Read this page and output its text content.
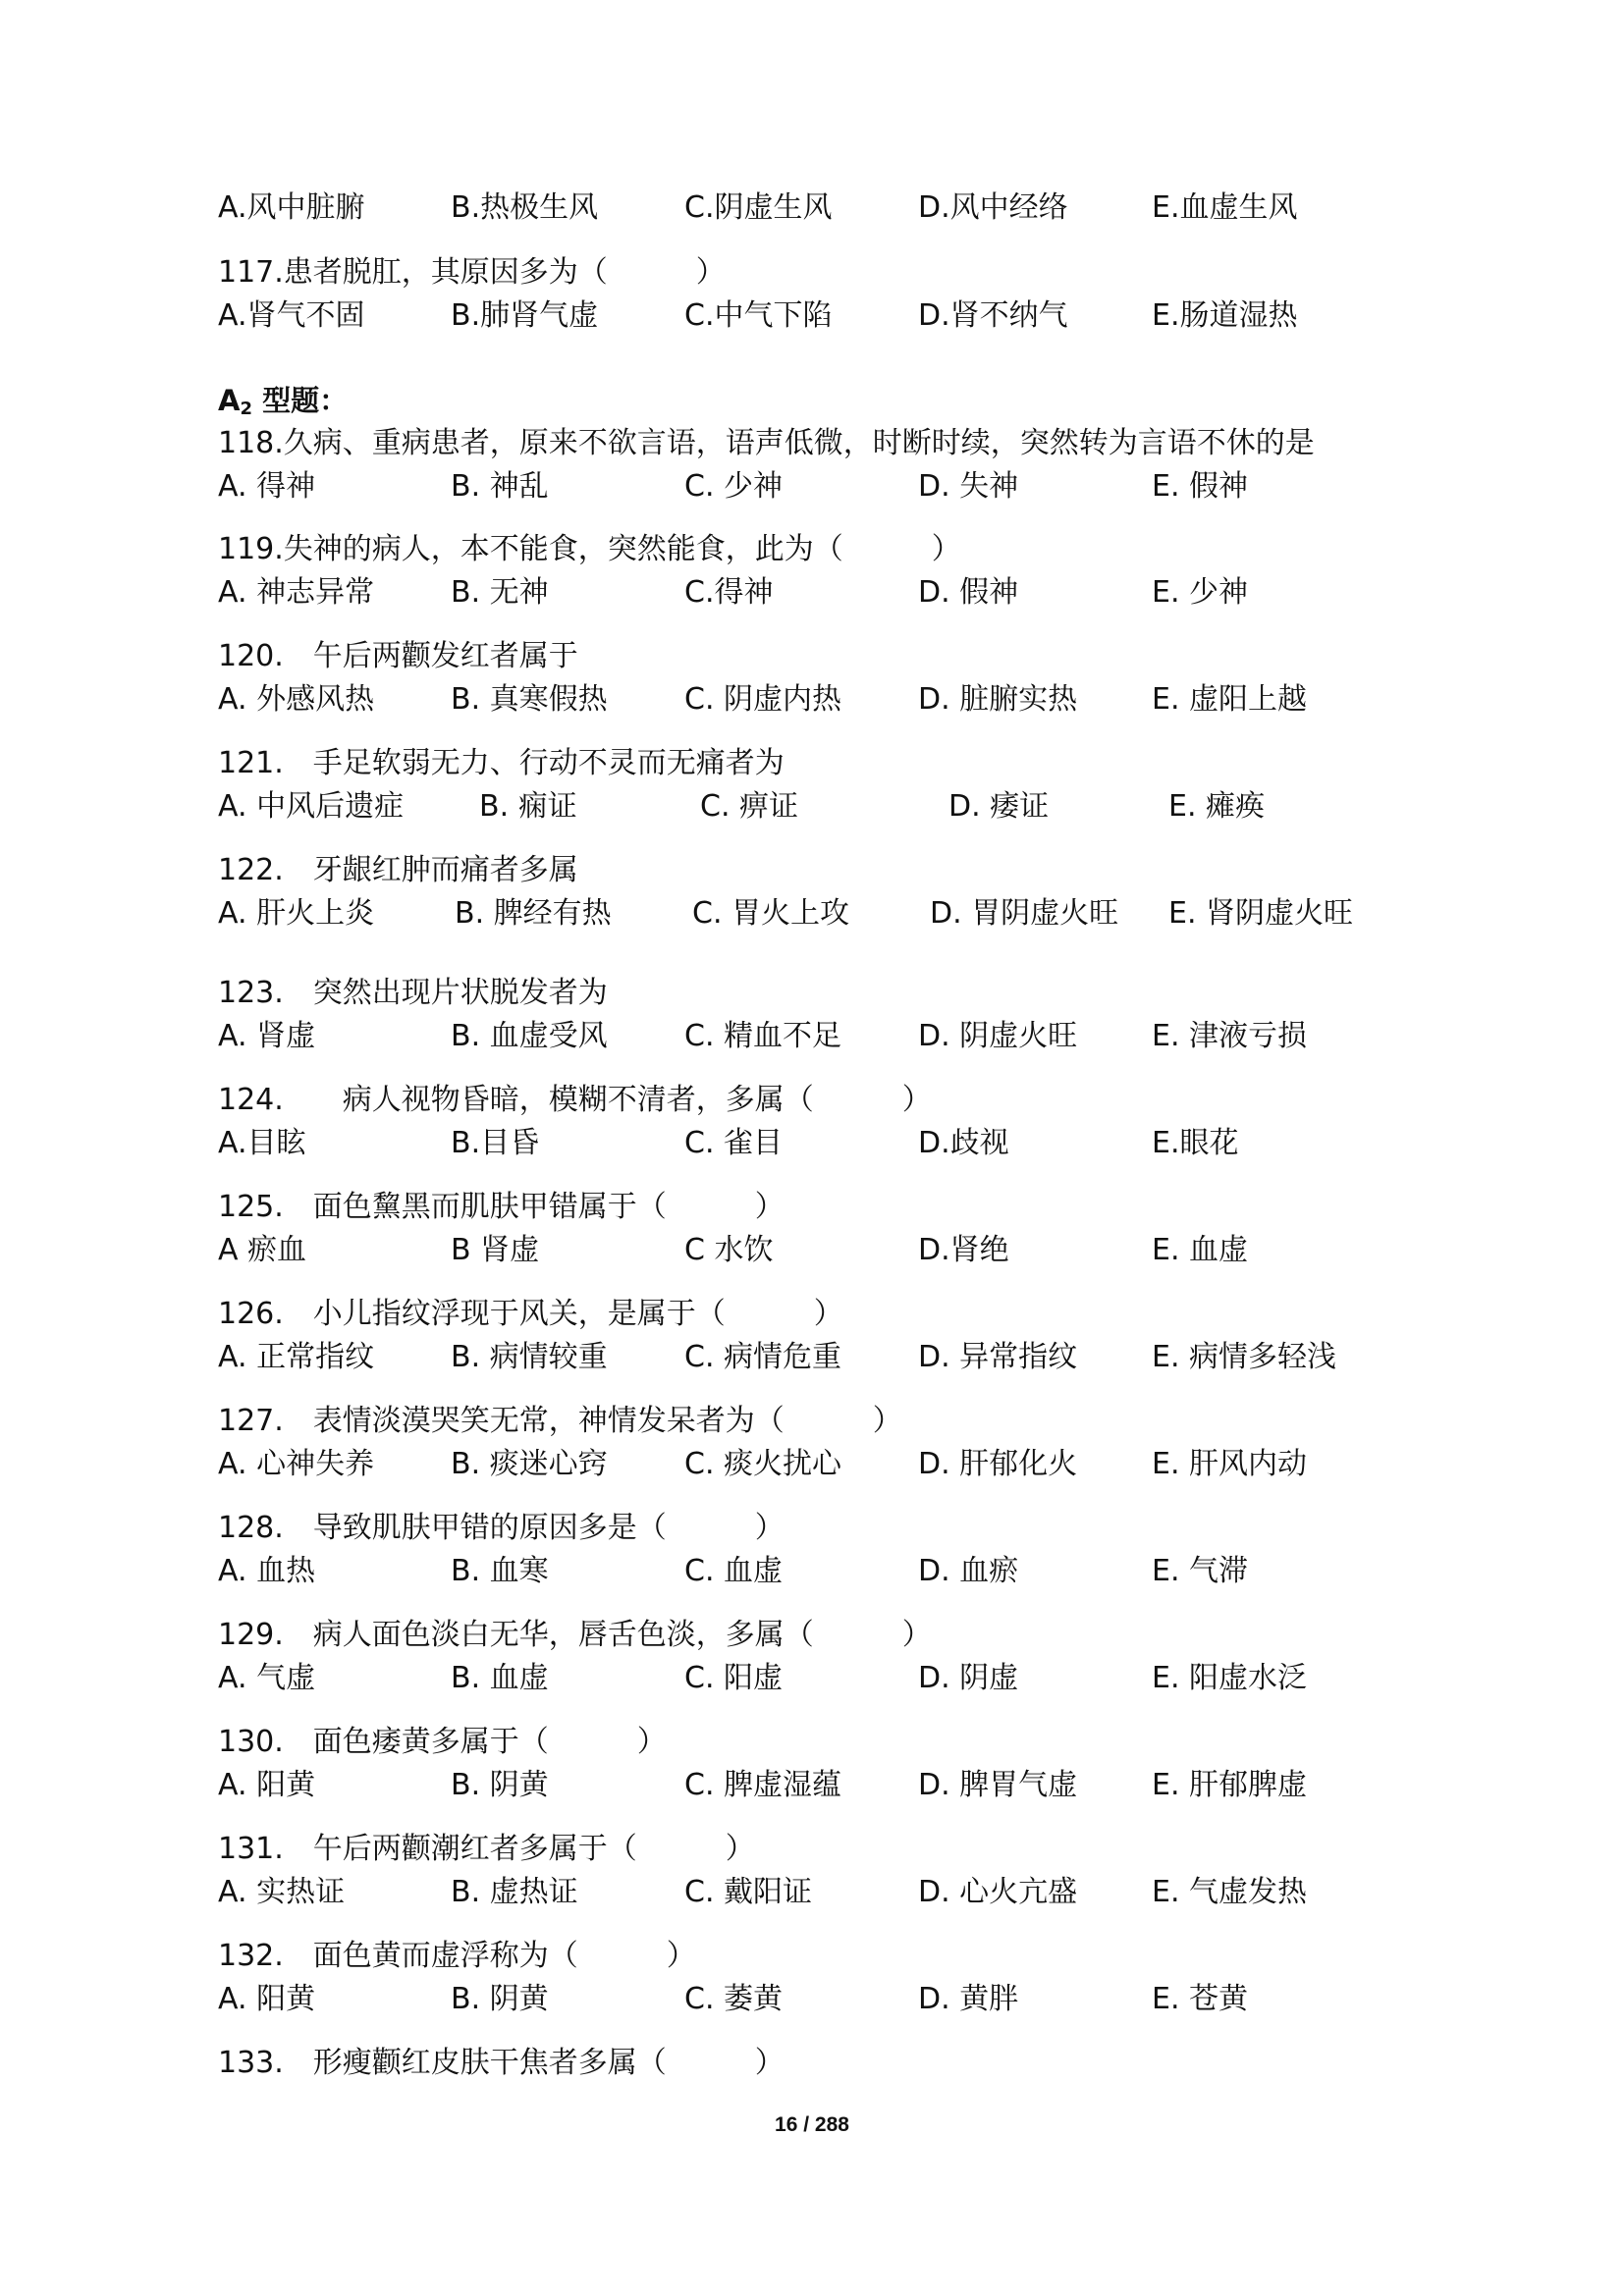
$A_2$ 型题：
A.风中脏腑	B.热极生风	C.阴虚生风	D.风中经络	E.血虚生风
117.患者脱肛，其原因多为（　　　）
A.肾气不固	B.肺肾气虚	C.中气下陷	D.肾不纳气	E.肠道湿热
118.久病、重病患者，原来不欲言语，语声低微，时断时续，突然转为言语不休的是
A. 得神	B. 神乱	C. 少神	D. 失神	E. 假神
119.失神的病人，本不能食，突然能食，此为（　　　）
A. 神志异常	B. 无神	C.得神	D. 假神	E. 少神
120.　午后两颧发红者属于
A. 外感风热	B. 真寒假热	C. 阴虚内热	D. 脏腑实热	E. 虚阳上越
121.　手足软弱无力、行动不灵而无痛者为
A. 中风后遗症	B. 痫证	C. 痹证	D. 痿证	E. 瘫痪
122.　牙龈红肿而痛者多属
A. 肝火上炎	B. 脾经有热	C. 胃火上攻	D. 胃阴虚火旺 E. 肾阴虚火旺
123.　突然出现片状脱发者为
A. 肾虚	B. 血虚受风	C. 精血不足	D. 阴虚火旺	E. 津液亏损
124.　　病人视物昏暗，模糊不清者，多属（　　　）
A.目眩	B.目昏	C. 雀目	D.歧视	E.眼花
125.　面色黧黑而肌肤甲错属于（　　　）
A 瘀血	B 肾虚	C 水饮	D.肾绝	E. 血虚
126.　小儿指纹浮现于风关，是属于（　　　）
A. 正常指纹	B. 病情较重	C. 病情危重	D. 异常指纹	E. 病情多轻浅
127.　表情淡漠哭笑无常，神情发呆者为（　　　）
A. 心神失养	B. 痰迷心窍	C. 痰火扰心	D. 肝郁化火	E. 肝风内动
128.　导致肌肤甲错的原因多是（　　　）
A. 血热	B. 血寒	C. 血虚	D. 血瘀	E. 气滞
129.　病人面色淡白无华，唇舌色淡，多属（　　　）
A. 气虚	B. 血虚	C. 阳虚	D. 阴虚	E. 阳虚水泛
130.　面色痿黄多属于（　　　）
A. 阳黄	B. 阴黄	C. 脾虚湿蕴	D. 脾胃气虚	E. 肝郁脾虚
131.　午后两颧潮红者多属于（　　　）
A. 实热证	B. 虚热证	C. 戴阳证	D. 心火亢盛	E. 气虚发热
132.　面色黄而虚浮称为（　　　）
A. 阳黄	B. 阴黄	C. 萎黄	D. 黄胖	E. 苍黄
133.　形瘦颧红皮肤干焦者多属（　　　）
16 / 288
